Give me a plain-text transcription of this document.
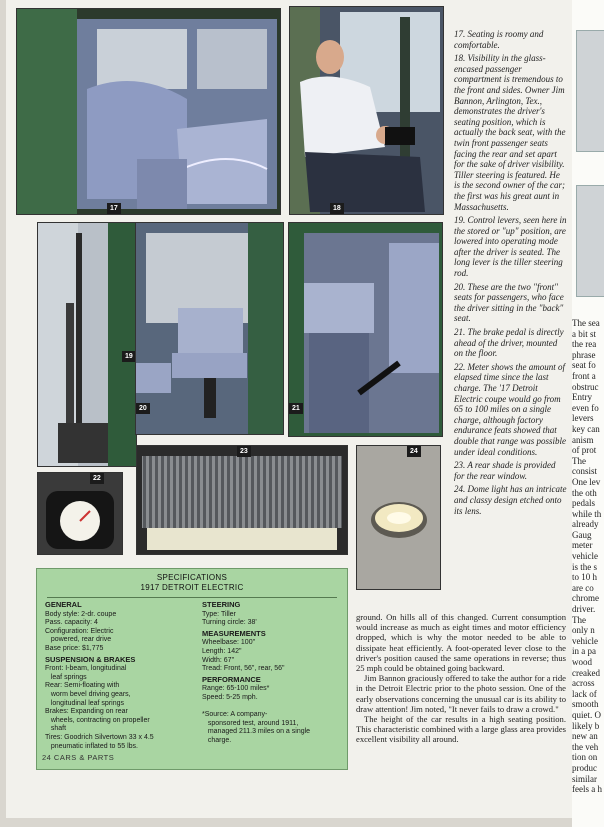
17	18
19
20	21
22
23	24

17. Seating is roomy and comfortable.

18. Visibility in the glass-encased passenger compartment is tremendous to the front and sides. Owner Jim Bannon, Arlington, Tex., demonstrates the driver's seating position, which is actually the back seat, with the twin front passenger seats facing the rear and set apart for the sake of driver visibility. Tiller steering is featured. He is the second owner of the car; the first was his great aunt in Massachusetts.

19. Control levers, seen here in the stored or "up" position, are lowered into operating mode after the driver is seated. The long lever is the tiller steering rod.

20. These are the two "front" seats for passengers, who face the driver sitting in the "back" seat.

21. The brake pedal is directly ahead of the driver, mounted on the floor.

22. Meter shows the amount of elapsed time since the last charge. The '17 Detroit Electric coupe would go from 65 to 100 miles on a single charge, although factory endurance feats showed that double that range was possible under ideal conditions.

23. A rear shade is provided for the rear window.

24. Dome light has an intricate and classy design etched onto its lens.

SPECIFICATIONS
1917 DETROIT ELECTRIC
GENERAL
Body style: 2-dr. coupe
Pass. capacity: 4
Configuration: Electric
powered, rear drive
Base price: $1,775
SUSPENSION & BRAKES
Front: I-beam, longitudinal
leaf springs
Rear: Semi-floating with
worm bevel driving gears,
longitudinal leaf springs
Brakes: Expanding on rear
wheels, contracting on propeller
shaft
Tires: Goodrich Silvertown 33 x 4.5
pneumatic inflated to 55 lbs.
STEERING
Type: Tiller
Turning circle: 38'
MEASUREMENTS
Wheelbase: 100"
Length: 142"
Width: 67"
Tread: Front, 56", rear, 56"
PERFORMANCE
Range: 65-100 miles*
Speed: 5-25 mph.

*Source: A company-
sponsored test, around 1911,
managed 211.3 miles on a single
charge.

ground. On hills all of this changed. Current consumption would increase as much as eight times and motor efficiency dropped, which is why the motor needed to be able to dissipate heat efficiently. A foot-operated lever close to the driver's position caused the same operations in reverse; thus 25 mph could be obtained going backward.

Jim Bannon graciously offered to take the author for a ride in the Detroit Electric prior to the photo session. One of the early observations concerning the unusual car is its ability to draw attention! Jim noted, "It never fails to draw a crowd."

The height of the car results in a high seating position. This characteristic combined with a large glass area provides excellent visibility all around.

24 CARS & PARTS
The sea
a bit st
the rea
phrase
seat fo
front a
obstruc
Entry
even fo
levers
key can
anism
of prot
The
consist
One lev
the oth
pedals
while th
already
Gaug
meter
vehicle
is the s
to 10 h
are co
chrome
driver.
The
only n
vehicle
in a pa
wood
creaked
across
lack of
smooth
quiet. O
likely b
new an
the veh
tion on
produc
similar
feels a h
